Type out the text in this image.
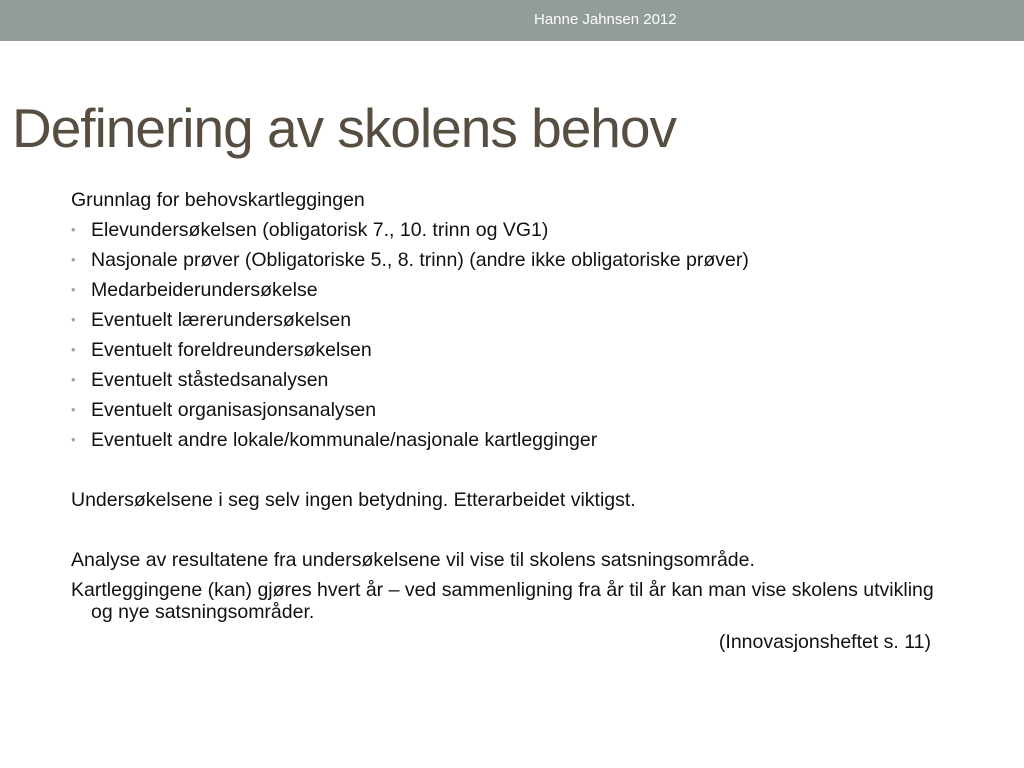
Hanne Jahnsen 2012
Definering av skolens behov
Grunnlag for behovskartleggingen
• Elevundersøkelsen (obligatorisk 7., 10. trinn og VG1)
• Nasjonale prøver (Obligatoriske 5., 8. trinn) (andre ikke obligatoriske prøver)
• Medarbeiderundersøkelse
• Eventuelt lærerundersøkelsen
• Eventuelt foreldreundersøkelsen
• Eventuelt ståstedsanalysen
• Eventuelt organisasjonsanalysen
• Eventuelt andre lokale/kommunale/nasjonale kartlegginger
Undersøkelsene i seg selv ingen betydning. Etterarbeidet viktigst.
Analyse av resultatene fra undersøkelsene vil vise til skolens satsningsområde.
Kartleggingene (kan) gjøres hvert år – ved sammenligning fra år til år kan man vise skolens utvikling og nye satsningsområder.
(Innovasjonsheftet s. 11)
